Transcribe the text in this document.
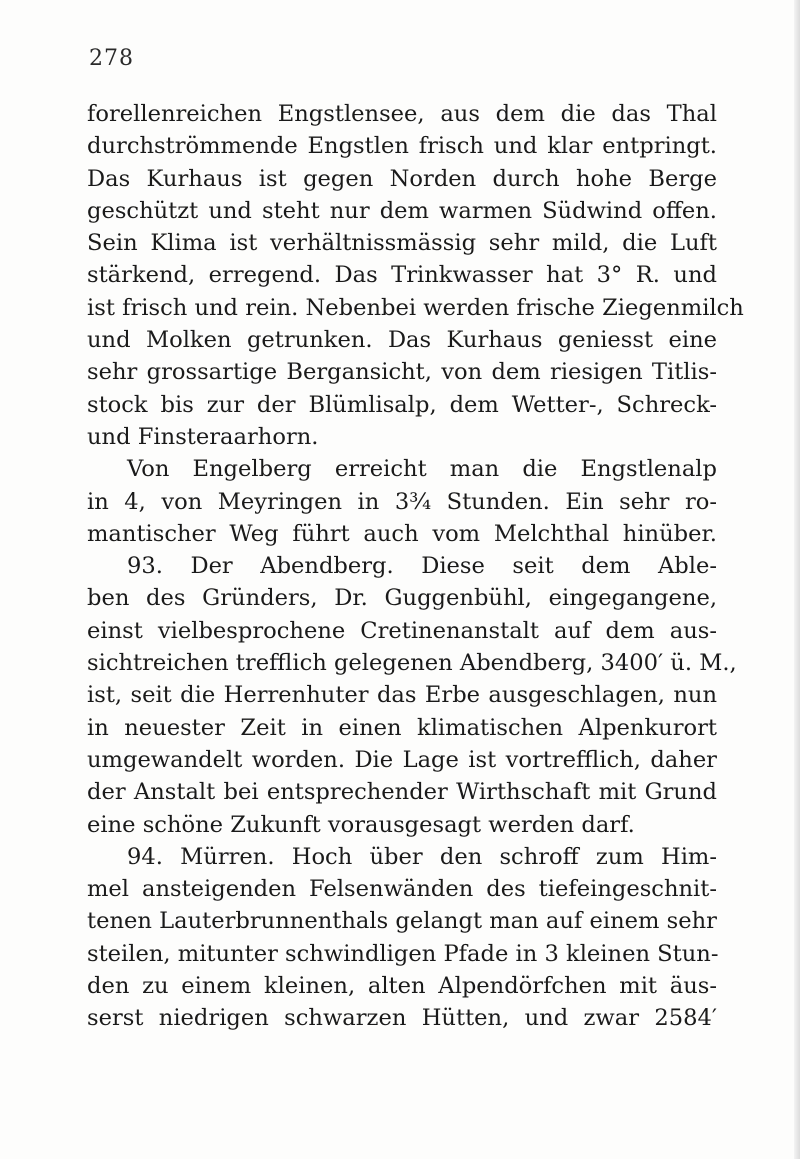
278
forellenreichen Engstlensee, aus dem die das Thal
durchströmmende Engstlen frisch und klar entpringt.
Das Kurhaus ist gegen Norden durch hohe Berge
geschützt und steht nur dem warmen Südwind offen.
Sein Klima ist verhältnissmässig sehr mild, die Luft
stärkend, erregend. Das Trinkwasser hat 3° R. und
ist frisch und rein. Nebenbei werden frische Ziegenmilch
und Molken getrunken. Das Kurhaus geniesst eine
sehr grossartige Bergansicht, von dem riesigen Titlis-
stock bis zur der Blümlisalp, dem Wetter-, Schreck-
und Finsteraarhorn.
Von Engelberg erreicht man die Engstlenalp
in 4, von Meyringen in 3¾ Stunden. Ein sehr ro-
mantischer Weg führt auch vom Melchthal hinüber.
93. Der Abendberg. Diese seit dem Able-
ben des Gründers, Dr. Guggenbühl, eingegangene,
einst vielbesprochene Cretinenanstalt auf dem aus-
sichtreichen trefflich gelegenen Abendberg, 3400′ ü. M.,
ist, seit die Herrenhuter das Erbe ausgeschlagen, nun
in neuester Zeit in einen klimatischen Alpenkurort
umgewandelt worden. Die Lage ist vortrefflich, daher
der Anstalt bei entsprechender Wirthschaft mit Grund
eine schöne Zukunft vorausgesagt werden darf.
94. Mürren. Hoch über den schroff zum Him-
mel ansteigenden Felsenwänden des tiefeingeschnit-
tenen Lauterbrunnenthals gelangt man auf einem sehr
steilen, mitunter schwindligen Pfade in 3 kleinen Stun-
den zu einem kleinen, alten Alpendörfchen mit äus-
serst niedrigen schwarzen Hütten, und zwar 2584′
